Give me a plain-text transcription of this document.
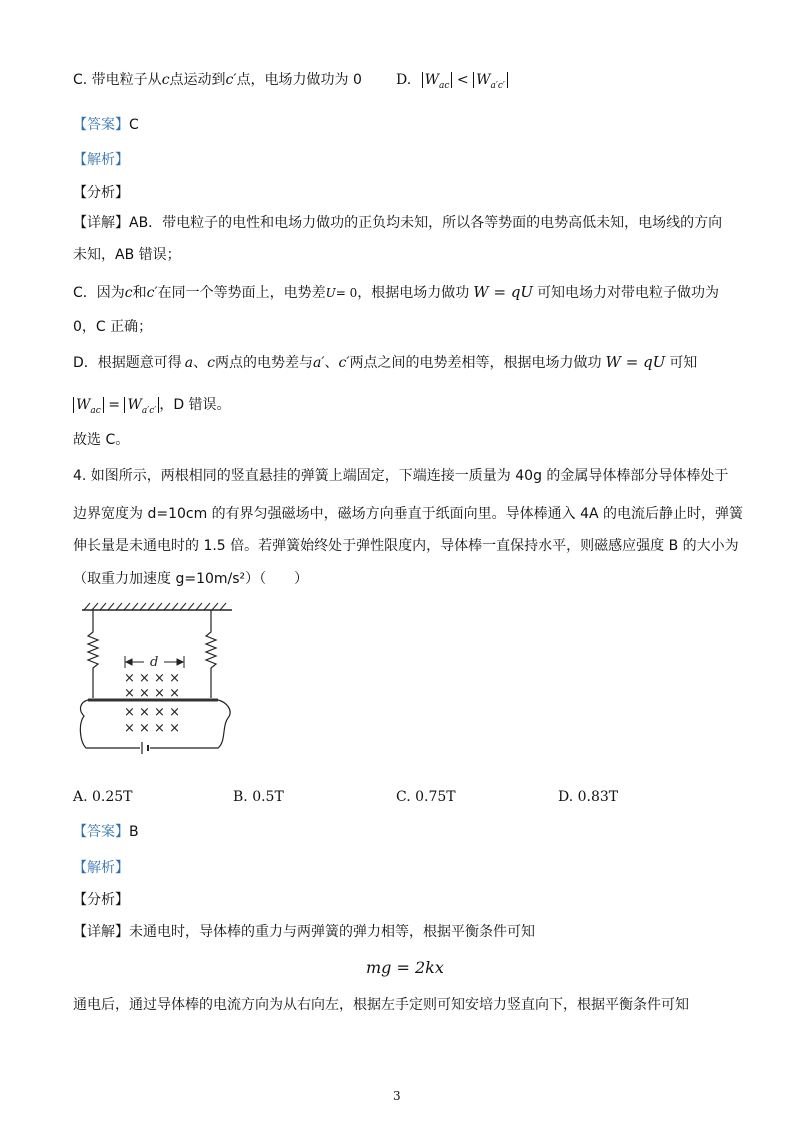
C. 带电粒子从c点运动到c′点，电场力做功为 0 D. $W_{ac} < W_{a'c'}$
【答案】C
【解析】
【分析】
【详解】AB．带电粒子的电性和电场力做功的正负均未知，所以各等势面的电势高低未知，电场线的方向
未知，AB 错误；
C．因为c和c′在同一个等势面上，电势差U= 0，根据电场力做功 W = qU 可知电场力对带电粒子做功为
0，C 正确；
D．根据题意可得 a、c两点的电势差与a′、c′两点之间的电势差相等，根据电场力做功 W = qU 可知
$W_{ac} = W_{a'c'}$ ，D 错误。
故选 C。
4. 如图所示，两根相同的竖直悬挂的弹簧上端固定，下端连接一质量为 40g 的金属导体棒部分导体棒处于
边界宽度为 d=10cm 的有界匀强磁场中，磁场方向垂直于纸面向里。导体棒通入 4A 的电流后静止时，弹簧
伸长量是未通电时的 1.5 倍。若弹簧始终处于弹性限度内，导体棒一直保持水平，则磁感应强度 B 的大小为
（取重力加速度 g=10m/s²）（　　）
d
× × × ×
× × × ×
× × × ×
× × × ×
A. 0.25T	B. 0.5T	C. 0.75T	D. 0.83T
【答案】B
【解析】
【分析】
【详解】未通电时，导体棒的重力与两弹簧的弹力相等，根据平衡条件可知
mg = 2kx
通电后，通过导体棒的电流方向为从右向左，根据左手定则可知安培力竖直向下，根据平衡条件可知
3
